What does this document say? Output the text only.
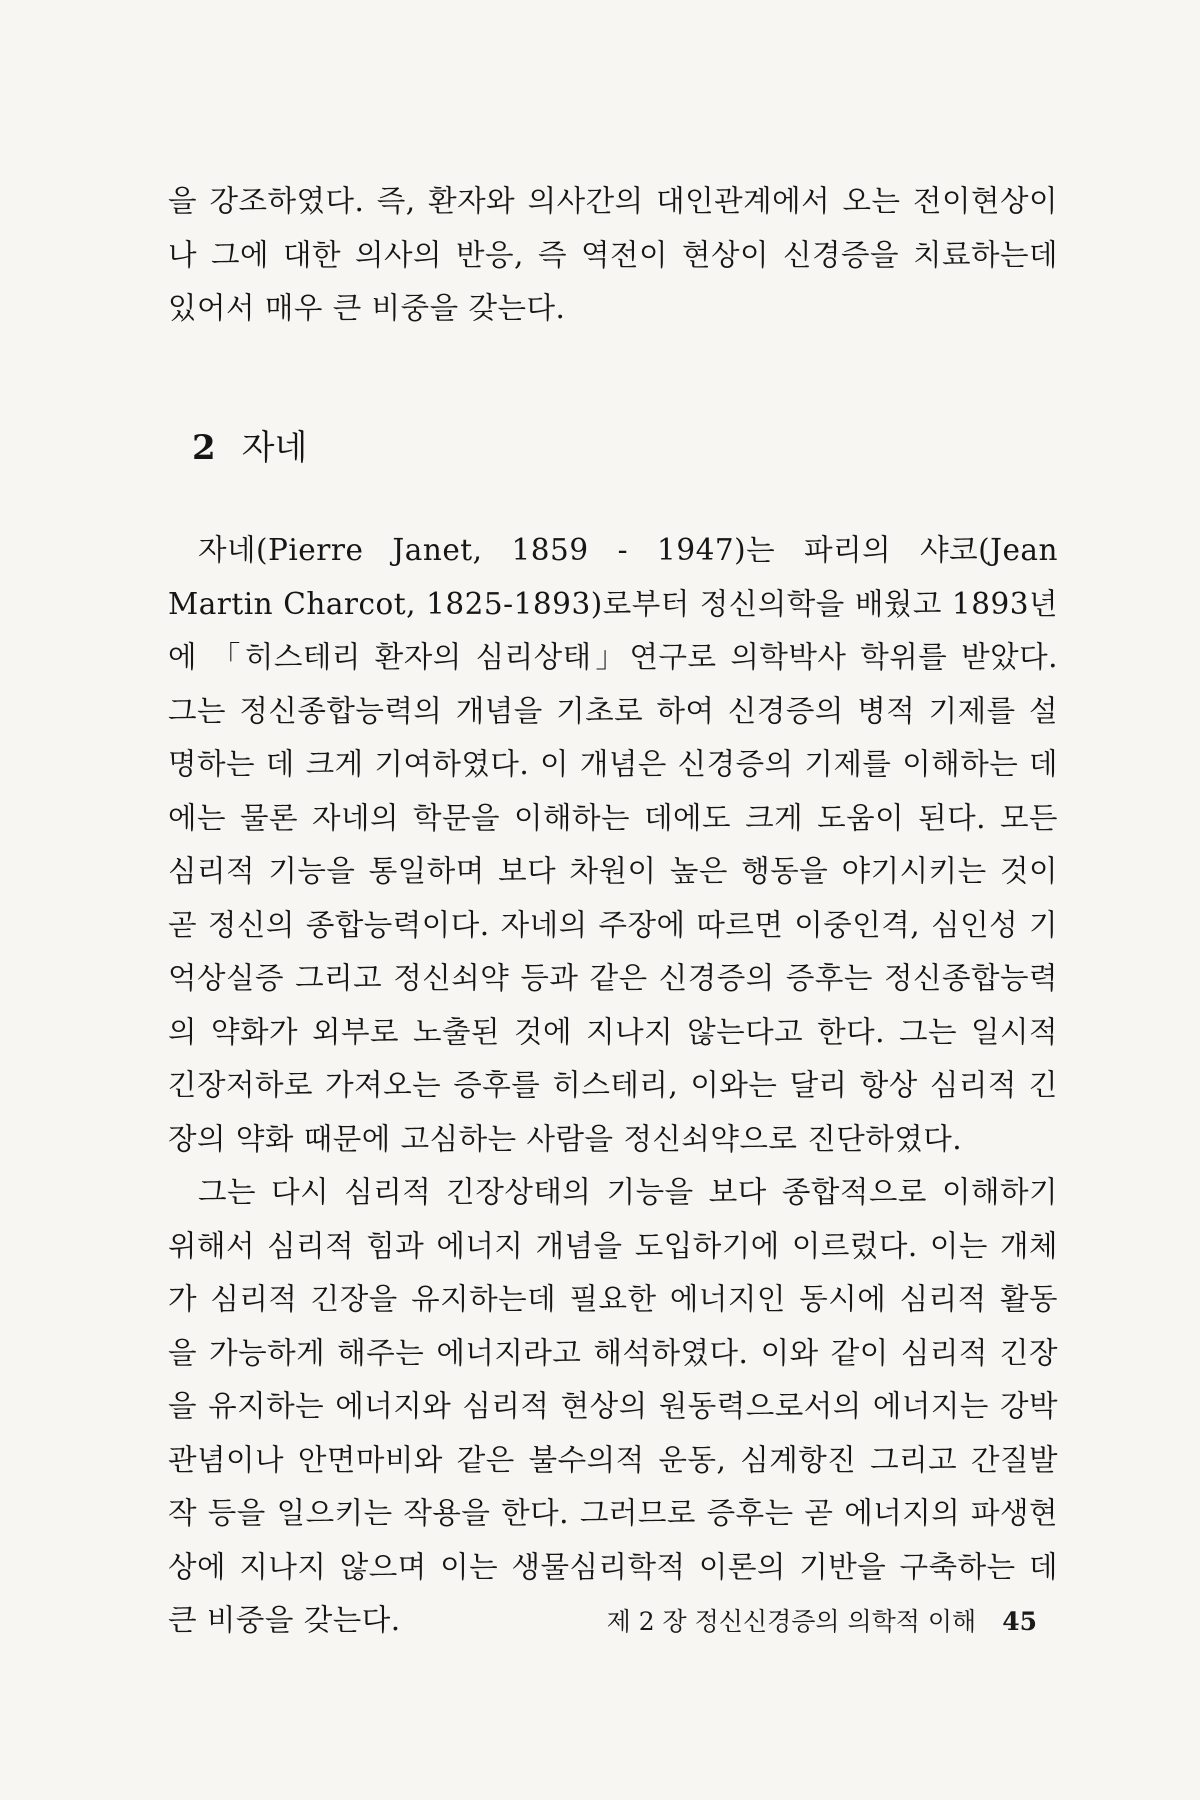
을 강조하였다. 즉, 환자와 의사간의 대인관계에서 오는 전이현상이나 그에 대한 의사의 반응, 즉 역전이 현상이 신경증을 치료하는데 있어서 매우 큰 비중을 갖는다.

2 자네

자네(Pierre Janet, 1859 - 1947)는 파리의 샤코(Jean Martin Charcot, 1825-1893)로부터 정신의학을 배웠고 1893년에 「히스테리 환자의 심리상태」연구로 의학박사 학위를 받았다. 그는 정신종합능력의 개념을 기초로 하여 신경증의 병적 기제를 설명하는 데 크게 기여하였다. 이 개념은 신경증의 기제를 이해하는 데에는 물론 자네의 학문을 이해하는 데에도 크게 도움이 된다. 모든 심리적 기능을 통일하며 보다 차원이 높은 행동을 야기시키는 것이 곧 정신의 종합능력이다. 자네의 주장에 따르면 이중인격, 심인성 기억상실증 그리고 정신쇠약 등과 같은 신경증의 증후는 정신종합능력의 약화가 외부로 노출된 것에 지나지 않는다고 한다. 그는 일시적 긴장저하로 가져오는 증후를 히스테리, 이와는 달리 항상 심리적 긴장의 약화 때문에 고심하는 사람을 정신쇠약으로 진단하였다.

그는 다시 심리적 긴장상태의 기능을 보다 종합적으로 이해하기 위해서 심리적 힘과 에너지 개념을 도입하기에 이르렀다. 이는 개체가 심리적 긴장을 유지하는데 필요한 에너지인 동시에 심리적 활동을 가능하게 해주는 에너지라고 해석하였다. 이와 같이 심리적 긴장을 유지하는 에너지와 심리적 현상의 원동력으로서의 에너지는 강박관념이나 안면마비와 같은 불수의적 운동, 심계항진 그리고 간질발작 등을 일으키는 작용을 한다. 그러므로 증후는 곧 에너지의 파생현상에 지나지 않으며 이는 생물심리학적 이론의 기반을 구축하는 데 큰 비중을 갖는다.	제 2 장 정신신경증의 의학적 이해 45
